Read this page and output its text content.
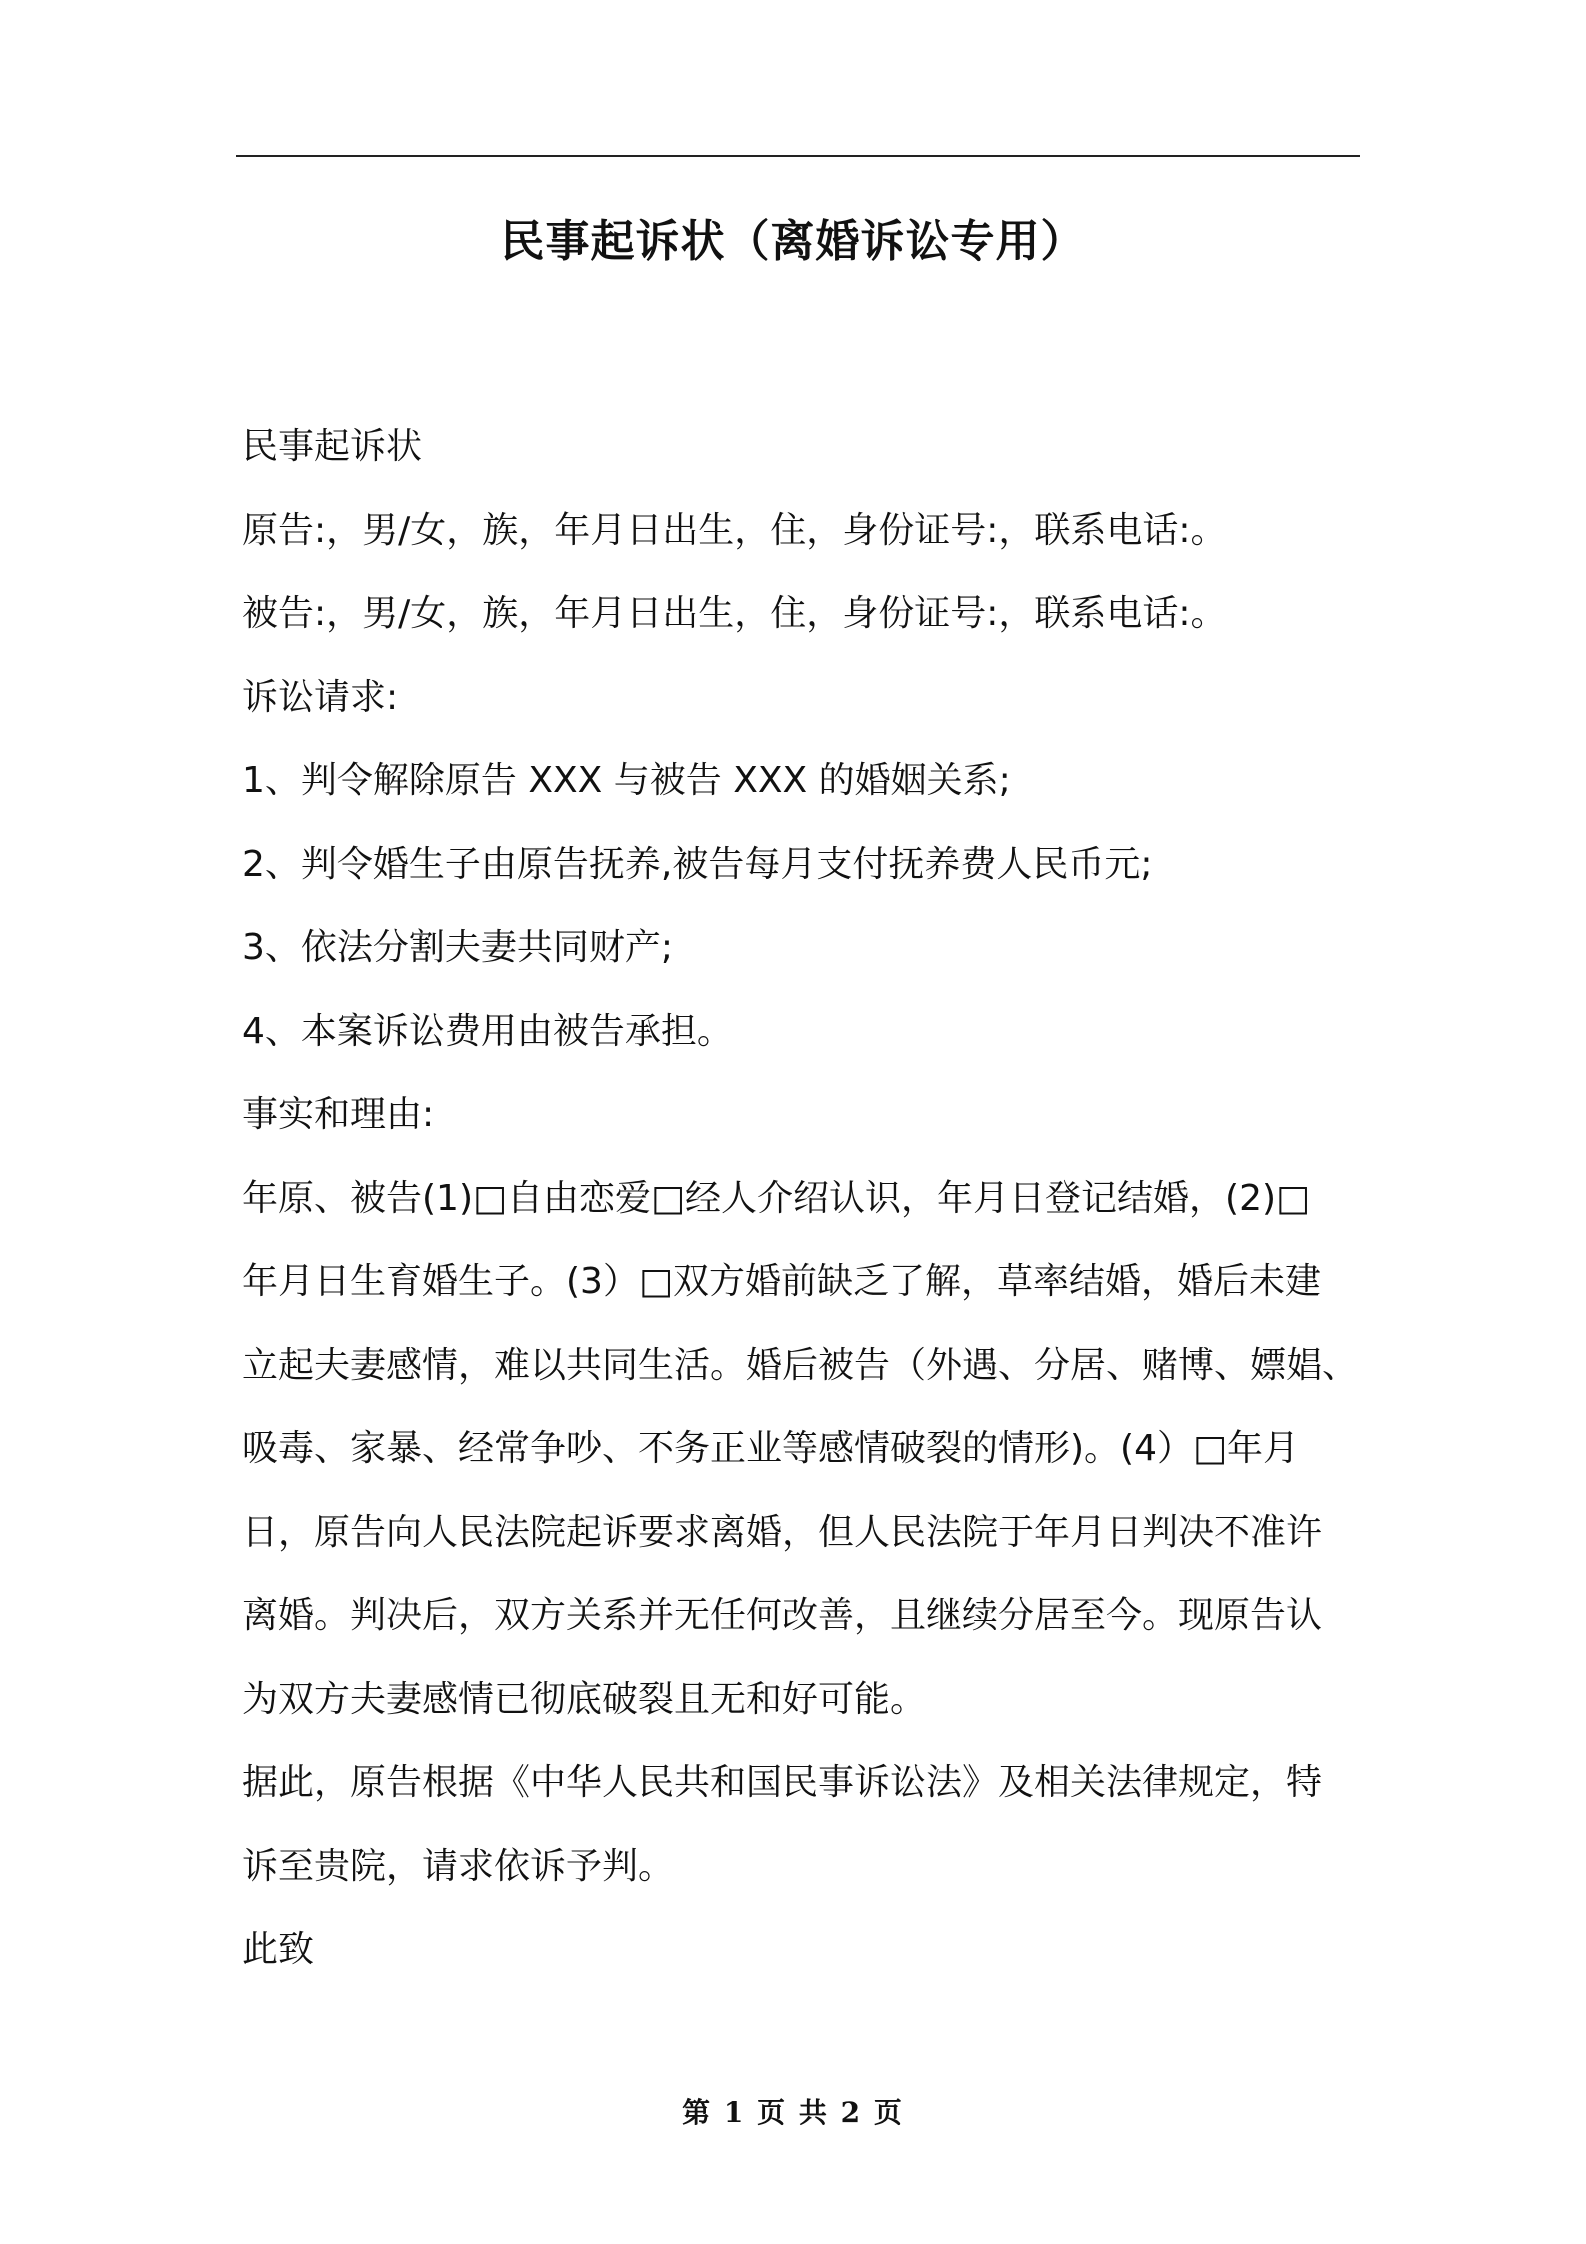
民事起诉状（离婚诉讼专用）
民事起诉状
原告:，男/女，族，年月日出生，住，身份证号:，联系电话:。
被告:，男/女，族，年月日出生，住，身份证号:，联系电话:。
诉讼请求:
1、判令解除原告 XXX 与被告 XXX 的婚姻关系;
2、判令婚生子由原告抚养,被告每月支付抚养费人民币元;
3、依法分割夫妻共同财产;
4、本案诉讼费用由被告承担。
事实和理由:
年原、被告(1)□自由恋爱□经人介绍认识，年月日登记结婚，(2)□
年月日生育婚生子。(3）□双方婚前缺乏了解，草率结婚，婚后未建
立起夫妻感情，难以共同生活。婚后被告（外遇、分居、赌博、嫖娼、
吸毒、家暴、经常争吵、不务正业等感情破裂的情形)。(4）□年月
日，原告向人民法院起诉要求离婚，但人民法院于年月日判决不准许
离婚。判决后，双方关系并无任何改善，且继续分居至今。现原告认
为双方夫妻感情已彻底破裂且无和好可能。
据此，原告根据《中华人民共和国民事诉讼法》及相关法律规定，特
诉至贵院，请求依诉予判。
此致
第 1 页 共 2 页
